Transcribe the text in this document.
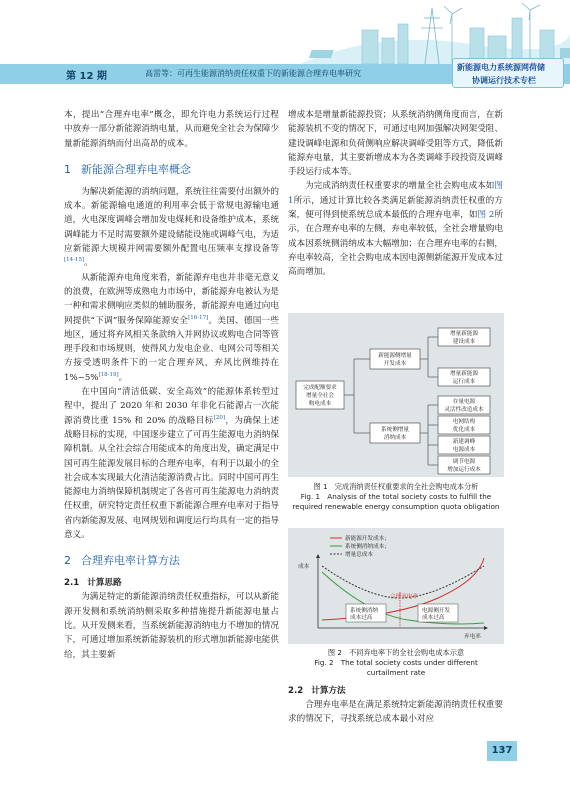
第 12 期	高雷等：可再生能源消纳责任权重下的新能源合理弃电率研究
新能源电力系统源网荷储
协调运行技术专栏

本，提出“合理弃电率”概念，即允许电力系统运行过程中放弃一部分新能源消纳电量，从而避免全社会为保障少量新能源消纳而付出高昂的成本。

1 新能源合理弃电率概念

为解决新能源的消纳问题，系统往往需要付出额外的成本。新能源输电通道的利用率会低于常规电源输电通道，火电深度调峰会增加发电煤耗和设备维护成本，系统调峰能力不足时需要额外建设储能设施或调峰气电，为适应新能源大规模并网需要额外配置电压频率支撑设备等[14-15]。

从新能源弃电角度来看，新能源弃电也并非毫无意义的浪费，在欧洲等成熟电力市场中，新能源弃电被认为是一种和需求侧响应类似的辅助服务，新能源弃电通过向电网提供“下调”服务保障能源安全[16-17]。美国、德国一些地区，通过将弃风相关条款纳入并网协议或购电合同等管理手段和市场规则，使得风力发电企业、电网公司等相关方接受透明条件下的一定合理弃风，弃风比例维持在 1%~5%[18-19]。

在中国向“清洁低碳、安全高效”的能源体系转型过程中，提出了 2020 年和 2030 年非化石能源占一次能源消费比重 15% 和 20% 的战略目标[20]，为确保上述战略目标的实现，中国逐步建立了可再生能源电力消纳保障机制。从全社会综合用能成本的角度出发，确定满足中国可再生能源发展目标的合理弃电率，有利于以最小的全社会成本实现最大化清洁能源消费占比。同时中国可再生能源电力消纳保障机制规定了各省可再生能源电力消纳责任权重，研究特定责任权重下新能源合理弃电率对于指导省内新能源发展、电网规划和调度运行均具有一定的指导意义。

2 合理弃电率计算方法
2.1 计算思路

为满足特定的新能源消纳责任权重指标，可以从新能源开发侧和系统消纳侧采取多种措施提升新能源电量占比。从开发侧来看，当系统新能源消纳电力不增加的情况下，可通过增加系统新能源装机的形式增加新能源电能供给，其主要新

增成本是增量新能源投资；从系统消纳侧角度而言，在新能源装机不变的情况下，可通过电网加强解决网架受阻、建设调峰电源和负荷侧响应解决调峰受阻等方式，降低新能源弃电量，其主要新增成本为各类调峰手段投资及调峰手段运行成本等。

为完成消纳责任权重要求的增量全社会购电成本如图 1所示，通过计算比较各类满足新能源消纳责任权重的方案，便可得到使系统总成本最低的合理弃电率，如图 2所示，在合理弃电率的左侧，弃电率较低，全社会增量购电成本因系统侧消纳成本大幅增加；在合理弃电率的右侧，弃电率较高，全社会购电成本因电源侧新能源开发成本过高而增加。

完成配额要求
增量全社会
购电成本
新能源侧增量
开发成本
系统侧增量
消纳成本
增量新能源
建设成本
增量新能源
运行成本
存量电源
灵活性改造成本
电网结构
优化成本
新建调峰
电源成本
调节电源
增加运行成本
图 1　完成消纳责任权重要求的全社会购电成本分析
Fig. 1　Analysis of the total society costs to fulfill the
required renewable energy consumption quota obligation
新能源开发成本；
系统侧消纳成本；
增量总成本
成本
弃电率
合理弃电率
系统侧消纳
成本过高
电源侧开发
成本过高
图 2　不同弃电率下的全社会购电成本示意
Fig. 2　The total society costs under different
curtailment rate
2.2 计算方法

合理弃电率是在满足系统特定新能源消纳责任权重要求的情况下，寻找系统总成本最小对应

137
